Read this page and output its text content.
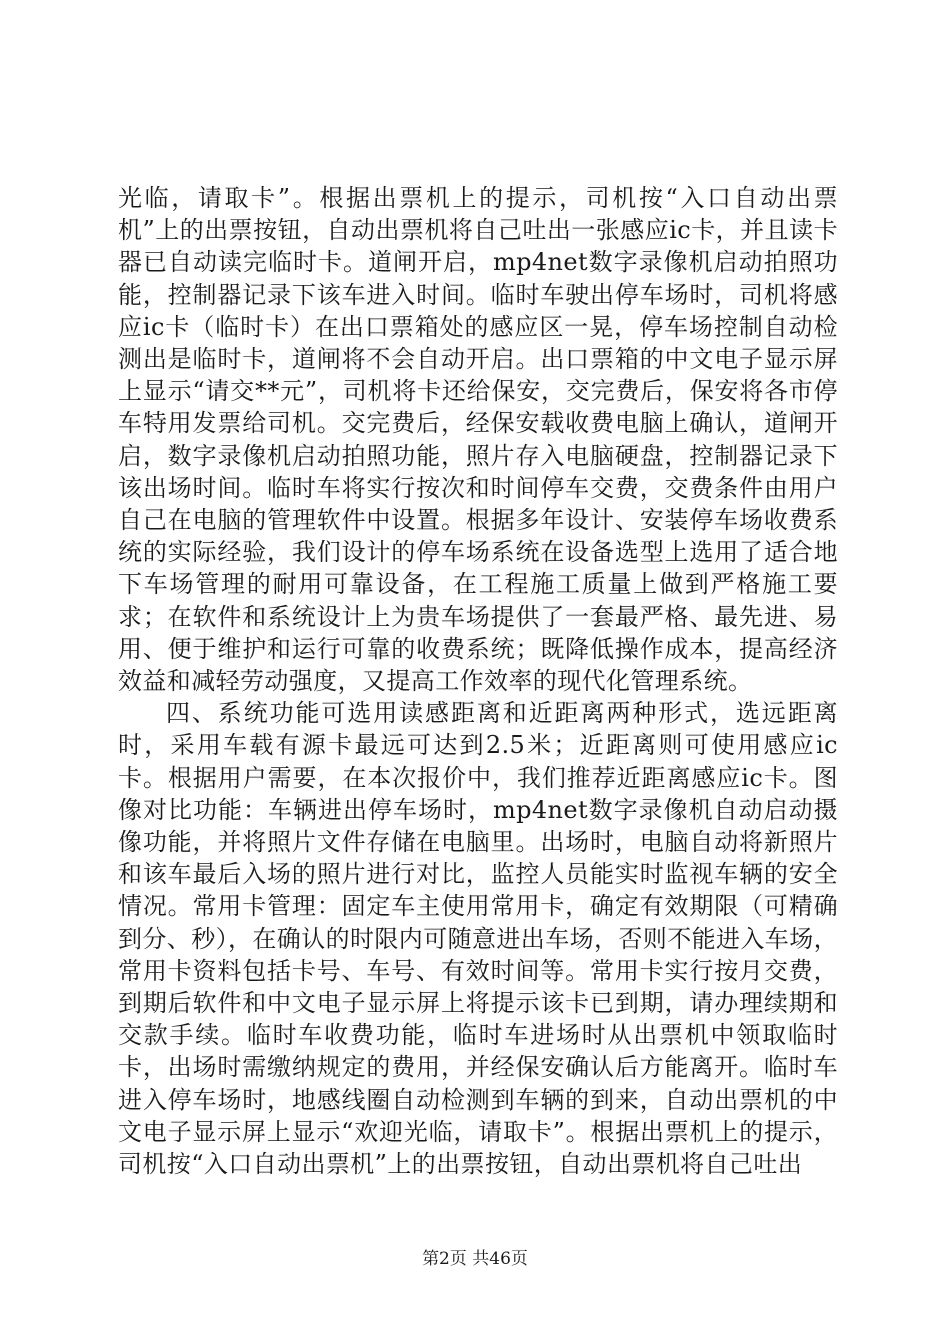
光临，请取卡”。根据出票机上的提示，司机按“入口自动出票机”上的出票按钮，自动出票机将自己吐出一张感应ic卡，并且读卡器已自动读完临时卡。道闸开启，mp4net数字录像机启动拍照功能，控制器记录下该车进入时间。临时车驶出停车场时，司机将感应ic卡（临时卡）在出口票箱处的感应区一晃，停车场控制自动检测出是临时卡，道闸将不会自动开启。出口票箱的中文电子显示屏上显示“请交**元”，司机将卡还给保安，交完费后，保安将各市停车特用发票给司机。交完费后，经保安载收费电脑上确认，道闸开启，数字录像机启动拍照功能，照片存入电脑硬盘，控制器记录下该出场时间。临时车将实行按次和时间停车交费，交费条件由用户自己在电脑的管理软件中设置。根据多年设计、安装停车场收费系统的实际经验，我们设计的停车场系统在设备选型上选用了适合地下车场管理的耐用可靠设备，在工程施工质量上做到严格施工要求；在软件和系统设计上为贵车场提供了一套最严格、最先进、易用、便于维护和运行可靠的收费系统；既降低操作成本，提高经济效益和减轻劳动强度，又提高工作效率的现代化管理系统。

四、系统功能可选用读感距离和近距离两种形式，选远距离时，采用车载有源卡最远可达到2.5米；近距离则可使用感应ic卡。根据用户需要，在本次报价中，我们推荐近距离感应ic卡。图像对比功能：车辆进出停车场时，mp4net数字录像机自动启动摄像功能，并将照片文件存储在电脑里。出场时，电脑自动将新照片和该车最后入场的照片进行对比，监控人员能实时监视车辆的安全情况。常用卡管理：固定车主使用常用卡，确定有效期限（可精确到分、秒），在确认的时限内可随意进出车场，否则不能进入车场，常用卡资料包括卡号、车号、有效时间等。常用卡实行按月交费，到期后软件和中文电子显示屏上将提示该卡已到期，请办理续期和交款手续。临时车收费功能，临时车进场时从出票机中领取临时卡，出场时需缴纳规定的费用，并经保安确认后方能离开。临时车进入停车场时，地感线圈自动检测到车辆的到来，自动出票机的中文电子显示屏上显示“欢迎光临，请取卡”。根据出票机上的提示，司机按“入口自动出票机”上的出票按钮，自动出票机将自己吐出

第2页 共46页
